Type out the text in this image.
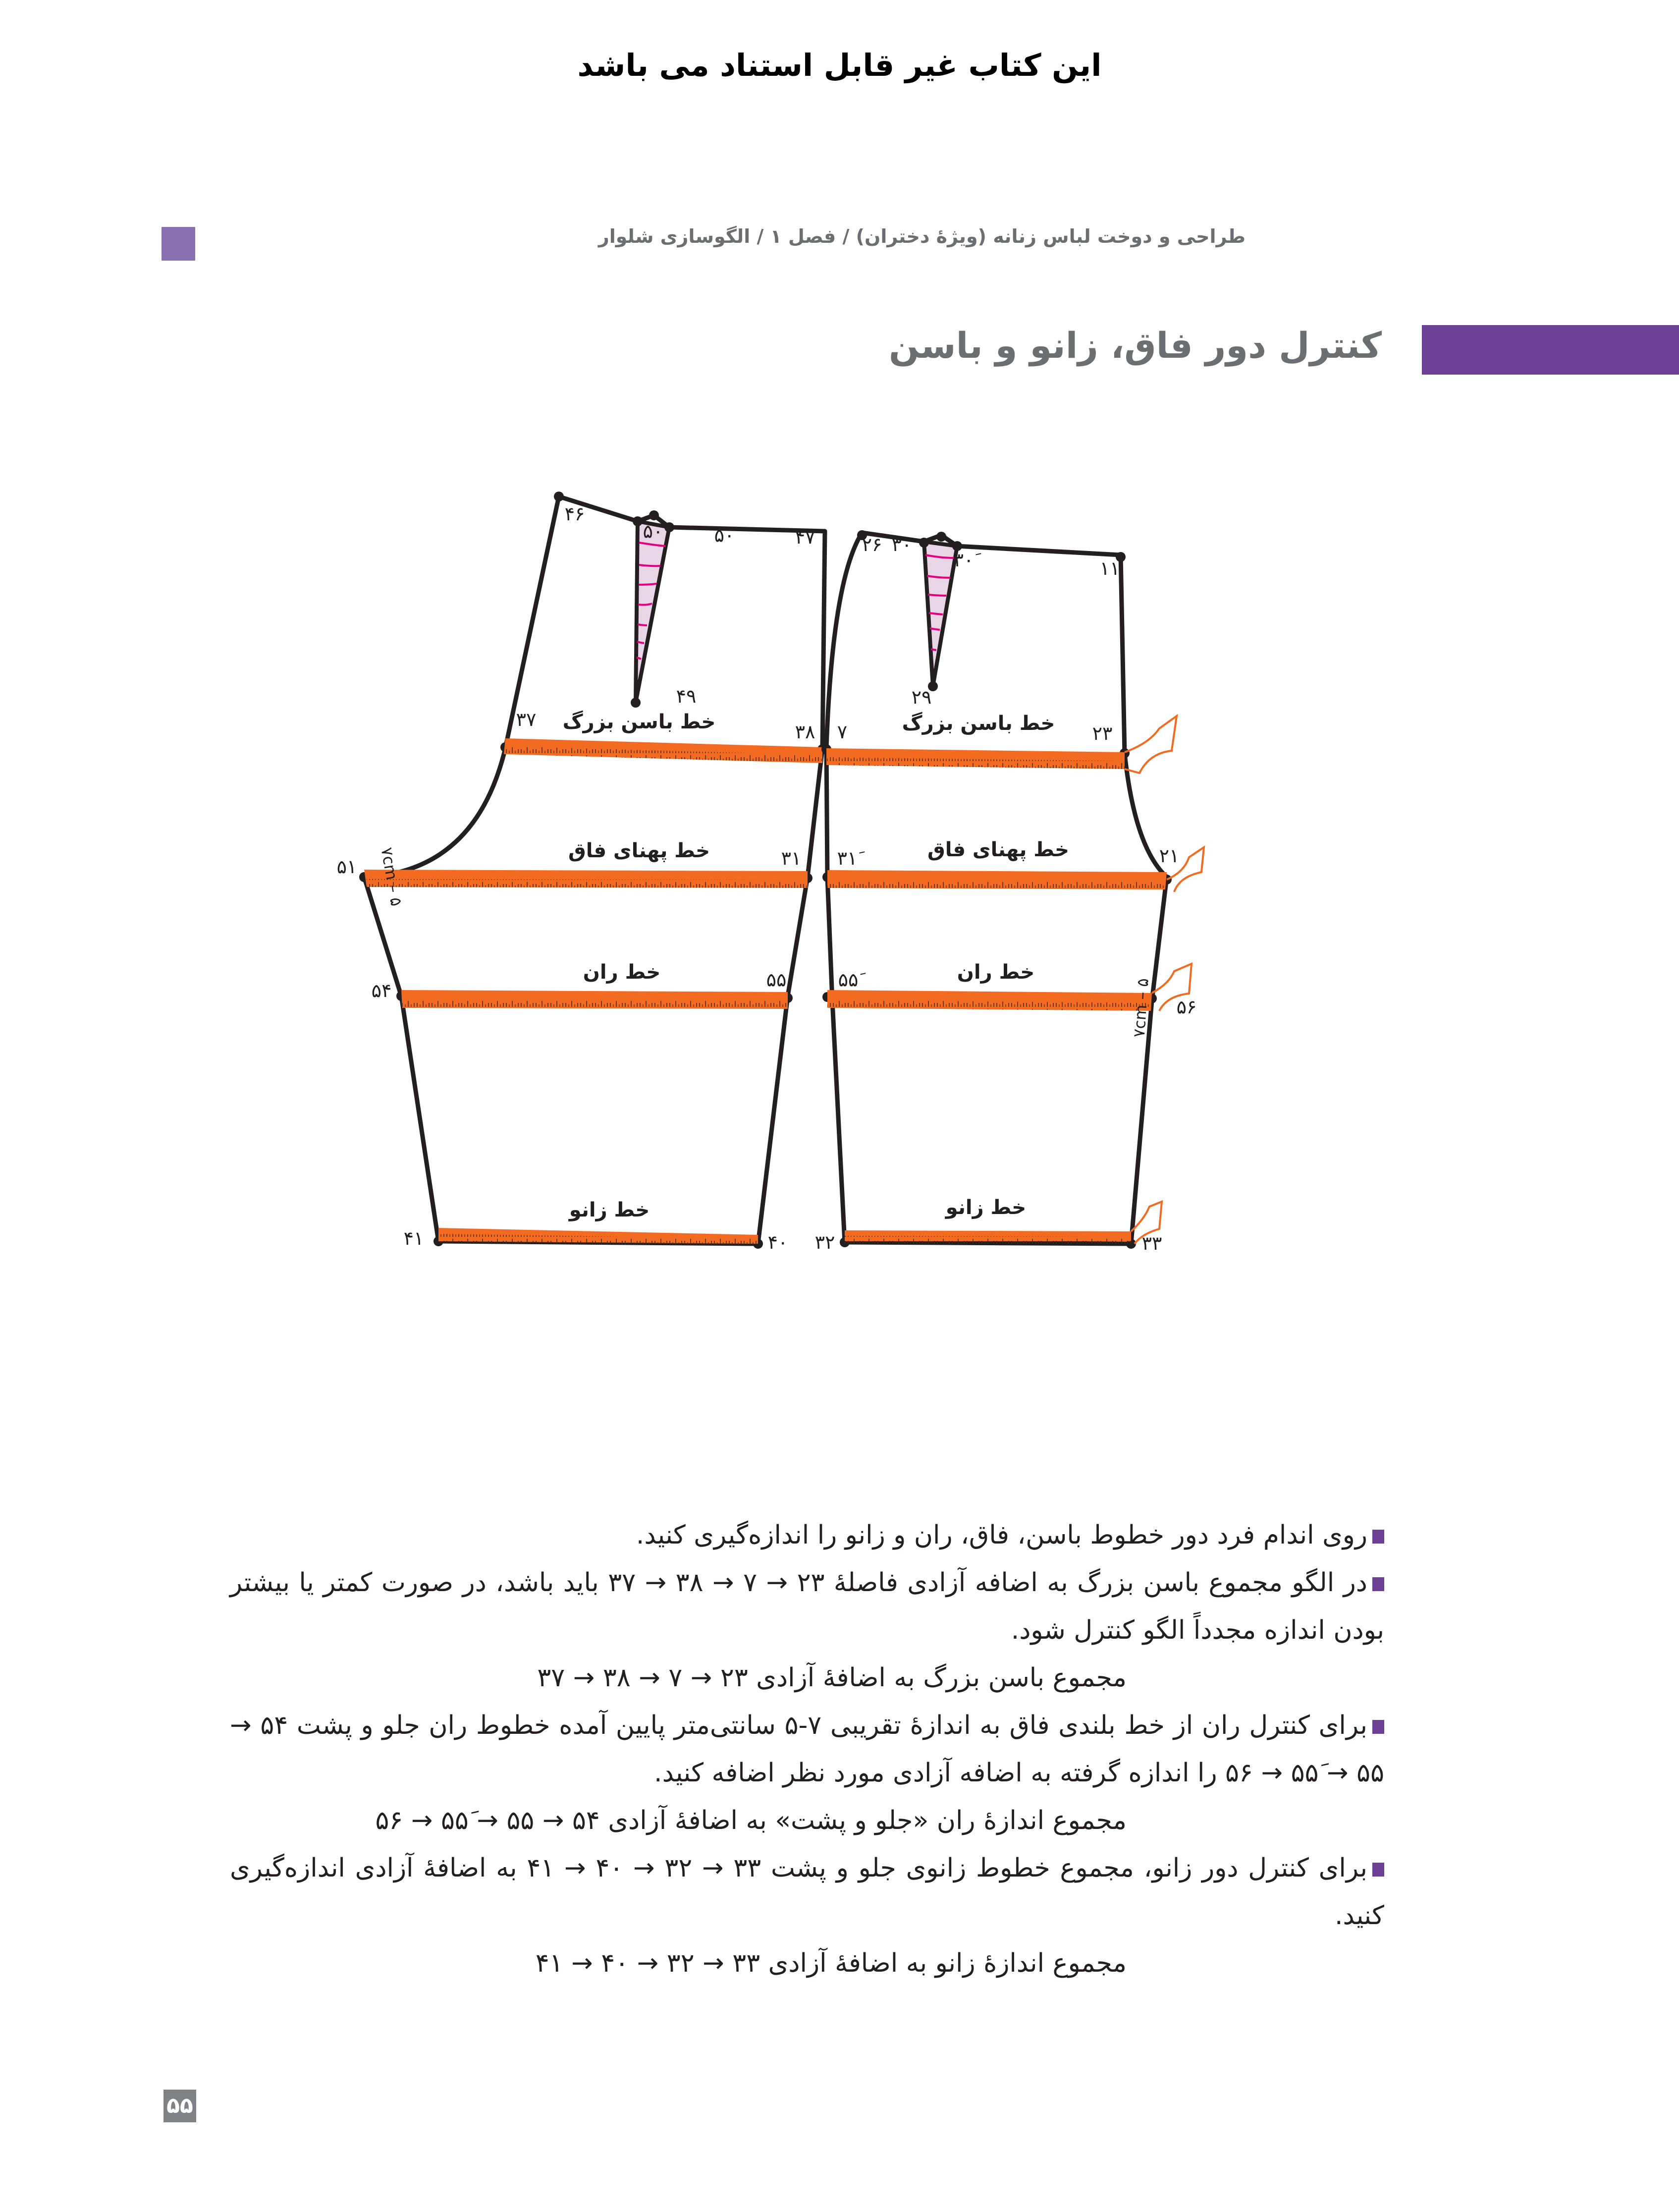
این کتاب غیر قابل استناد می باشد
طراحی و دوخت لباس زنانه (ویژۀ دختران) / فصل ۱ / الگوسازی شلوار
کنترل دور فاق، زانو و باسن
۴۶
۵۰َ	۵۰	۴۷
۴۹
۳۷
۳۸
۵۱	۳۱
۵۴	۵۵
۴۱	۴۰
خط باسن بزرگ
خط پهنای فاق
خط ران
خط زانو
۵ – ۷cm
۲۶ ۳۰
۳۰َ	۱۱
۲۹
۷	۲۳
۳۱َ	۲۱
۵۵َ
۵۶
۳۲	۳۳
خط باسن بزرگ
خط پهنای فاق
خط ران
خط زانو
۵ – ۷cm

روی اندام فرد دور خطوط باسن، فاق، ران و زانو را اندازه‌گیری کنید.

در الگو مجموع باسن بزرگ به اضافه آزادی فاصلۀ ۲۳ → ۷ → ۳۸ → ۳۷ باید باشد، در صورت کمتر یا بیشتر بودن اندازه مجدداً الگو کنترل شود.

مجموع باسن بزرگ به اضافۀ آزادی ۲۳ → ۷ → ۳۸ → ۳۷

برای کنترل ران از خط بلندی فاق به اندازۀ تقریبی ۷-۵ سانتی‌متر پایین آمده خطوط ران جلو و پشت ۵۴ → ۵۵ → ۵۵َ → ۵۶ را اندازه گرفته به اضافه آزادی مورد نظر اضافه کنید.

مجموع اندازۀ ران «جلو و پشت» به اضافۀ آزادی ۵۴ → ۵۵ → ۵۵َ → ۵۶

برای کنترل دور زانو، مجموع خطوط زانوی جلو و پشت ۳۳ → ۳۲ → ۴۰ → ۴۱ به اضافۀ آزادی اندازه‌گیری کنید.

مجموع اندازۀ زانو به اضافۀ آزادی ۳۳ → ۳۲ → ۴۰ → ۴۱

۵۵
